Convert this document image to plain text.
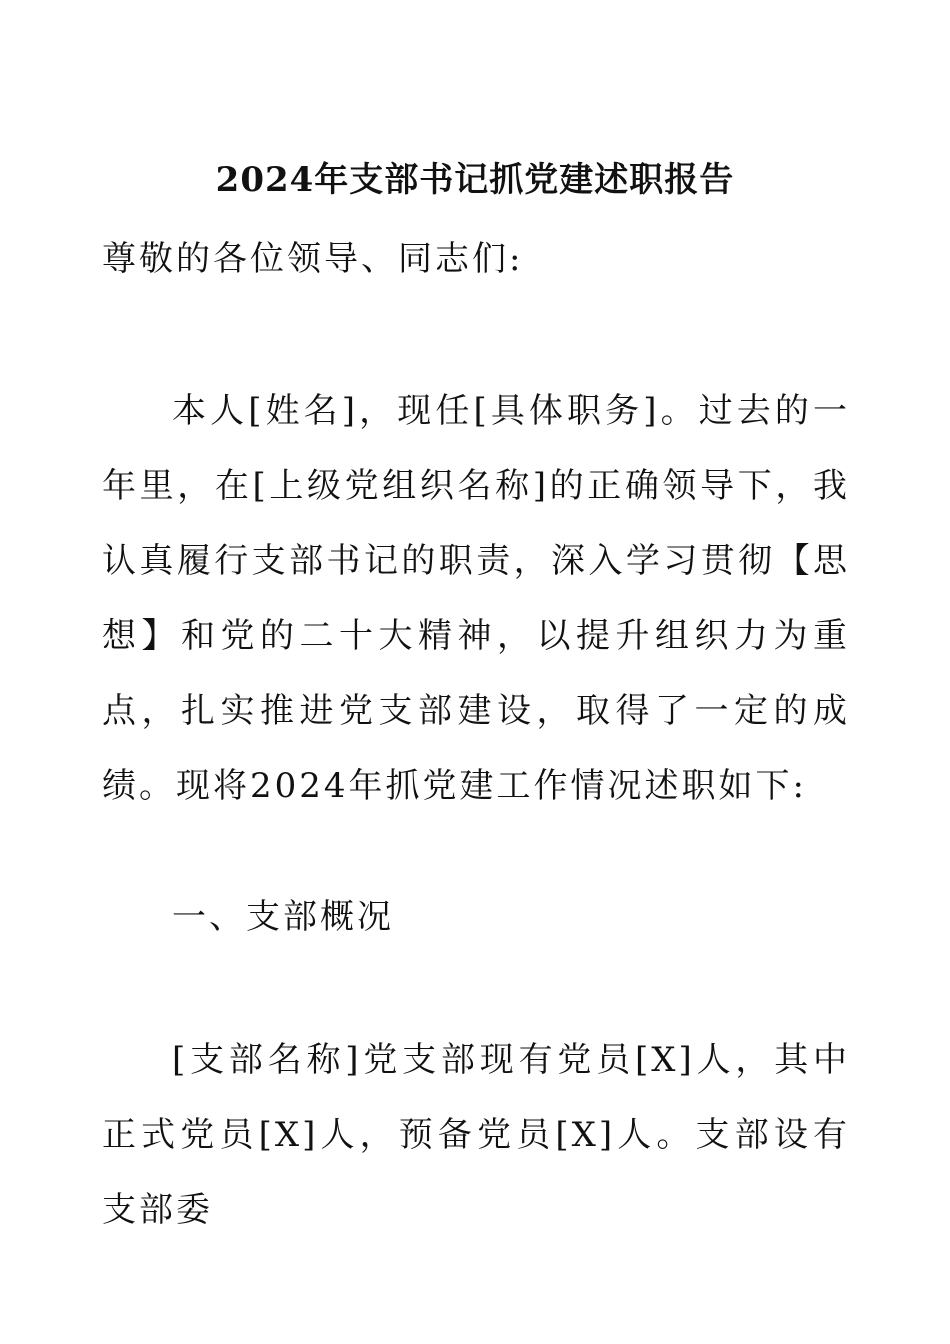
2024年支部书记抓党建述职报告

尊敬的各位领导、同志们:

本人[姓名]，现任[具体职务]。过去的一年里，在[上级党组织名称]的正确领导下，我认真履行支部书记的职责，深入学习贯彻【思想】和党的二十大精神，以提升组织力为重点，扎实推进党支部建设，取得了一定的成绩。现将2024年抓党建工作情况述职如下:

一、支部概况

[支部名称]党支部现有党员[X]人，其中正式党员[X]人，预备党员[X]人。支部设有支部委
